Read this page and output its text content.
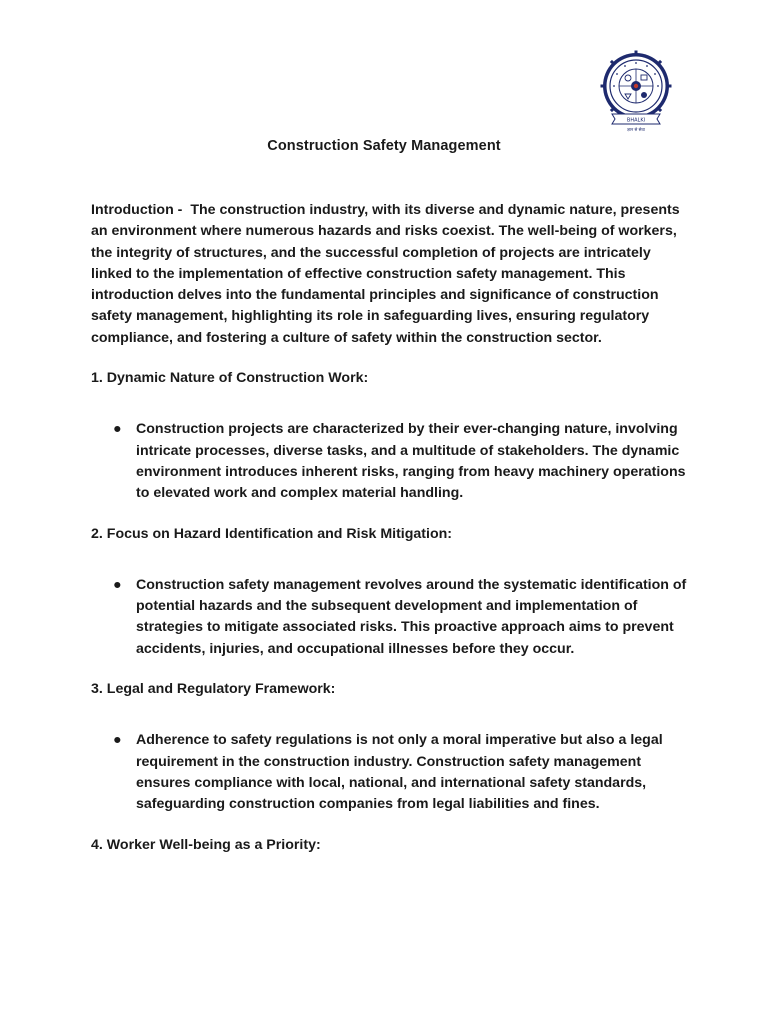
BHALKI
ज्ञान से सेवा
Construction Safety Management

Introduction - The construction industry, with its diverse and dynamic nature, presents an environment where numerous hazards and risks coexist. The well-being of workers, the integrity of structures, and the successful completion of projects are intricately linked to the implementation of effective construction safety management. This introduction delves into the fundamental principles and significance of construction safety management, highlighting its role in safeguarding lives, ensuring regulatory compliance, and fostering a culture of safety within the construction sector.

1. Dynamic Nature of Construction Work:

● Construction projects are characterized by their ever-changing nature, involving intricate processes, diverse tasks, and a multitude of stakeholders. The dynamic environment introduces inherent risks, ranging from heavy machinery operations to elevated work and complex material handling.

2. Focus on Hazard Identification and Risk Mitigation:

● Construction safety management revolves around the systematic identification of potential hazards and the subsequent development and implementation of strategies to mitigate associated risks. This proactive approach aims to prevent accidents, injuries, and occupational illnesses before they occur.

3. Legal and Regulatory Framework:

● Adherence to safety regulations is not only a moral imperative but also a legal requirement in the construction industry. Construction safety management ensures compliance with local, national, and international safety standards, safeguarding construction companies from legal liabilities and fines.

4. Worker Well-being as a Priority:
